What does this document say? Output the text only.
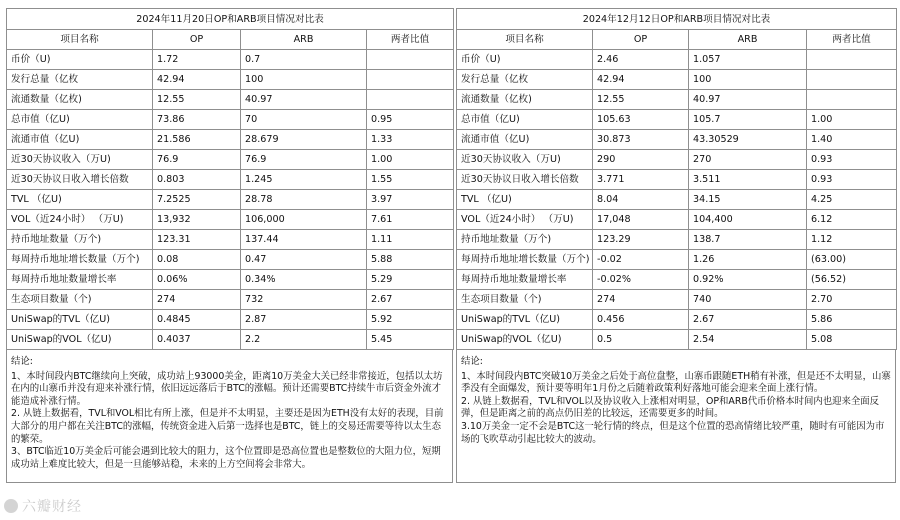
2024年11月20日OP和ARB项目情况对比表			
项目名称	OP	ARB	两者比值
币价（U)	1.72	0.7	
发行总量（亿枚	42.94	100	
流通数量（亿枚)	12.55	40.97	
总市值（亿U)	73.86	70	0.95
流通市值（亿U)	21.586	28.679	1.33
近30天协议收入（万U)	76.9	76.9	1.00
近30天协议日收入增长倍数	0.803	1.245	1.55
TVL （亿U)	7.2525	28.78	3.97
VOL（近24小时） （万U)	13,932	106,000	7.61
持币地址数量（万个)	123.31	137.44	1.11
每周持币地址增长数量（万个)	0.08	0.47	5.88
每周持币地址数量增长率	0.06%	0.34%	5.29
生态项目数量（个)	274	732	2.67
UniSwap的TVL（亿U)	0.4845	2.87	5.92
UniSwap的VOL（亿U)	0.4037	2.2	5.45

结论:

1、本时间段内BTC继续向上突破，成功站上93000美金，距离10万美金大关已经非常接近，包括以太坊在内的山寨币并没有迎来补涨行情，依旧远远落后于BTC的涨幅。预计还需要BTC持续牛市后资金外流才能造成补涨行情。

2. 从链上数据看，TVL和VOL相比有所上涨，但是并不太明显，主要还是因为ETH没有太好的表现，目前大部分的用户都在关注BTC的涨幅，传统资金进入后第一选择也是BTC，链上的交易还需要等待以太生态的繁荣。

3、BTC临近10万美金后可能会遇到比较大的阻力，这个位置即是恐高位置也是整数位的大阻力位，短期成功站上难度比较大，但是一旦能够站稳，未来的上方空间将会非常大。

2024年12月12日OP和ARB项目情况对比表			
项目名称	OP	ARB	两者比值
币价（U)	2.46	1.057	
发行总量（亿枚	42.94	100	
流通数量（亿枚)	12.55	40.97	
总市值（亿U)	105.63	105.7	1.00
流通市值（亿U)	30.873	43.30529	1.40
近30天协议收入（万U)	290	270	0.93
近30天协议日收入增长倍数	3.771	3.511	0.93
TVL （亿U)	8.04	34.15	4.25
VOL（近24小时） （万U)	17,048	104,400	6.12
持币地址数量（万个)	123.29	138.7	1.12
每周持币地址增长数量（万个)	-0.02	1.26	(63.00)
每周持币地址数量增长率	-0.02%	0.92%	(56.52)
生态项目数量（个)	274	740	2.70
UniSwap的TVL（亿U)	0.456	2.67	5.86
UniSwap的VOL（亿U)	0.5	2.54	5.08

结论:

1、本时间段内BTC突破10万美金之后处于高位盘整，山寨币跟随ETH稍有补涨，但是还不太明显，山寨季没有全面爆发，预计要等明年1月份之后随着政策利好落地可能会迎来全面上涨行情。

2. 从链上数据看，TVL和VOL以及协议收入上涨相对明显，OP和ARB代币价格本时间内也迎来全面反弹，但是距离之前的高点仍旧差的比较远，还需要更多的时间。

3.10万美金一定不会是BTC这一轮行情的终点，但是这个位置的恐高情绪比较严重，随时有可能因为市场的飞吹草动引起比较大的波动。

六瓣财经
